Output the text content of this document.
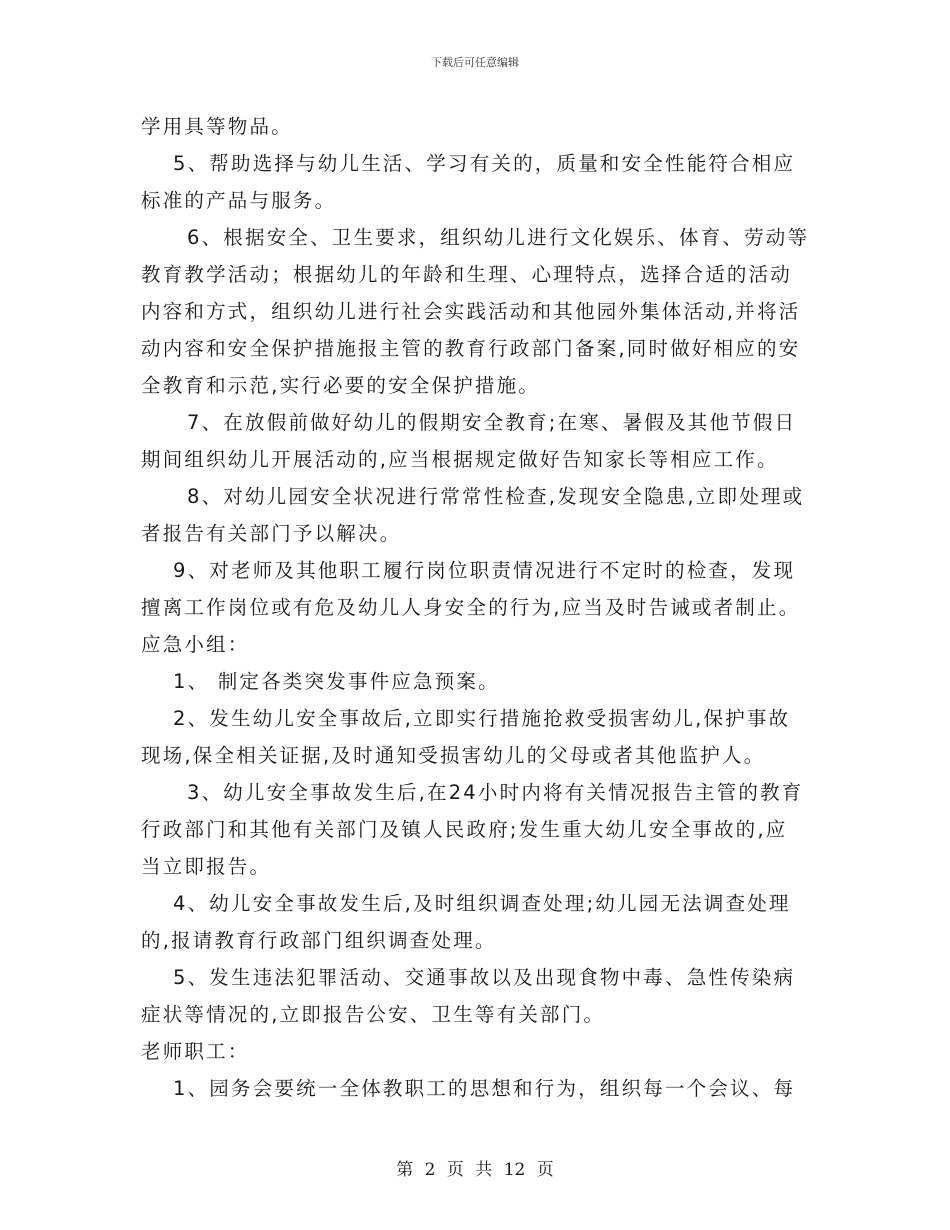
下载后可任意编辑
学用具等物品。
5、帮助选择与幼儿生活、学习有关的，质量和安全性能符合相应
标准的产品与服务。
6、根据安全、卫生要求，组织幼儿进行文化娱乐、体育、劳动等
教育教学活动；根据幼儿的年龄和生理、心理特点，选择合适的活动
内容和方式，组织幼儿进行社会实践活动和其他园外集体活动,并将活
动内容和安全保护措施报主管的教育行政部门备案,同时做好相应的安
全教育和示范,实行必要的安全保护措施。
7、在放假前做好幼儿的假期安全教育;在寒、暑假及其他节假日
期间组织幼儿开展活动的,应当根据规定做好告知家长等相应工作。
8、对幼儿园安全状况进行常常性检查,发现安全隐患,立即处理或
者报告有关部门予以解决。
9、对老师及其他职工履行岗位职责情况进行不定时的检查，发现
擅离工作岗位或有危及幼儿人身安全的行为,应当及时告诫或者制止。
应急小组：
1、 制定各类突发事件应急预案。
2、发生幼儿安全事故后,立即实行措施抢救受损害幼儿,保护事故
现场,保全相关证据,及时通知受损害幼儿的父母或者其他监护人。
3、幼儿安全事故发生后,在24小时内将有关情况报告主管的教育
行政部门和其他有关部门及镇人民政府;发生重大幼儿安全事故的,应
当立即报告。
4、幼儿安全事故发生后,及时组织调查处理;幼儿园无法调查处理
的,报请教育行政部门组织调查处理。
5、发生违法犯罪活动、交通事故以及出现食物中毒、急性传染病
症状等情况的,立即报告公安、卫生等有关部门。
老师职工：
1、园务会要统一全体教职工的思想和行为，组织每一个会议、每
第 2 页 共 12 页
